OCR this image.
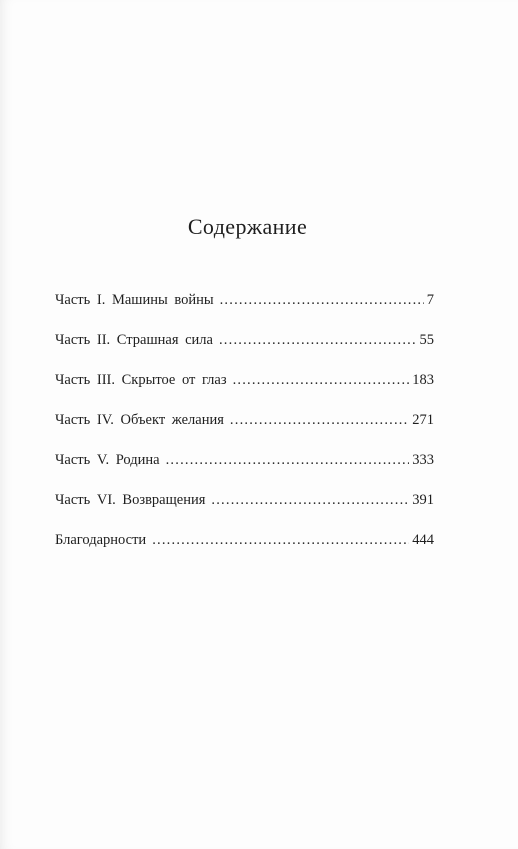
Содержание
Часть I. Машины войны .....	7
Часть II. Страшная сила .....	55
Часть III. Скрытое от глаз .....	183
Часть IV. Объект желания .....	271
Часть V. Родина .....	333
Часть VI. Возвращения .....	391
Благодарности .....	444
